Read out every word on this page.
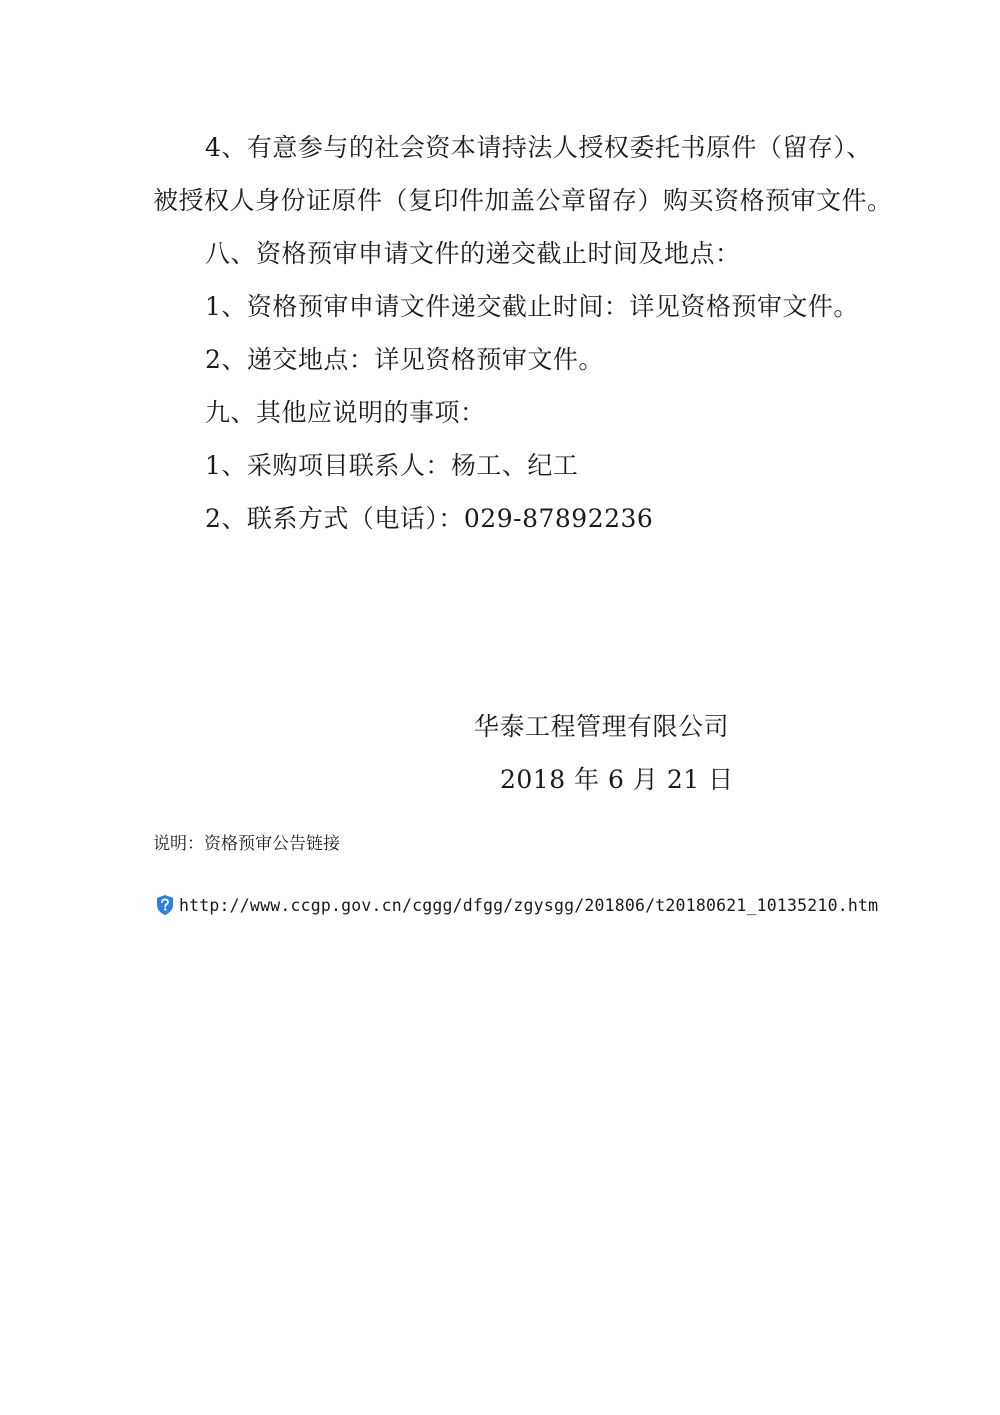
4、有意参与的社会资本请持法人授权委托书原件（留存）、
被授权人身份证原件（复印件加盖公章留存）购买资格预审文件。
八、资格预审申请文件的递交截止时间及地点：
1、资格预审申请文件递交截止时间：详见资格预审文件。
2、递交地点：详见资格预审文件。
九、其他应说明的事项：
1、采购项目联系人：杨工、纪工
2、联系方式（电话）：029-87892236
华泰工程管理有限公司
2018 年 6 月 21 日
说明：资格预审公告链接
http://www.ccgp.gov.cn/cggg/dfgg/zgysgg/201806/t20180621_10135210.htm
